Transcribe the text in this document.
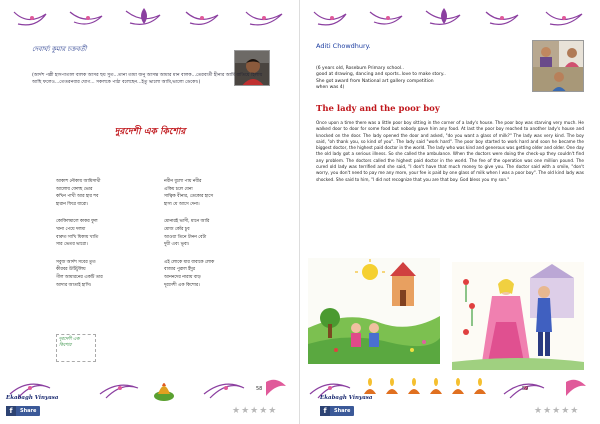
দেবার্ঘ্য কুমার চক্রবর্তী
(আর্দশ পল্লী হাসপাতাল বালক আসর ছয় সুত...তানা তামা জনু আসন্ত আমার মান বালক...তেরবার্তী হীনার আর্মি বাতিয়ে হিলায় আছি ফলেও...তেতরনবার ঘোগ... সকলকে পাঠা বলেছেন...ইতু ভালো আমি,ভালো ডেকো।)
দুরদেশী এক কিশোর
আকাশ নৌকায় আমিসাথী
আলোয় ফেলছ ভোর
কখিন পাখী আর হার শব
হারান ফিরে যারো।
কোকিলমালে কাকর ফুল
খানা পেয়ে দলমা
বারুত সাখি যিকায় খাতি
সার ভেতর ভারো।
সবুজ আর্দশ সবের তুত
কীরবর উটিটুলিয়
গীল আমারনের একটি তার
আদার আতাই হাসি।
নবীন ধুলো পায় নবীর
একিয় চলে যেনা
সাত্বিক বীনার, ডেকোর হাসে
হাস্য যে আসে দেনা।
মোনারই ভাসী, মানে আরি
মোজ কোঁর চুব
আওয়া তিনে টানন বেটা
দুয়ী এবং ভূবা।
এই লোকে যার বাবাকে লোক
বাজার পুরাল ইঁদুর
আননদের নারায় বাড়
দূরদেশী এক কিশোর।
দূরদেশী এক কিশোর
58
Ekabagh Vinyasa
f	Share	★★★★★
Aditi Chowdhury.
(6 years old, Rosebum Primary school..
good at drawing, dancing and sports..love to make story..
She got award from National art gallery competition
when was 4)
The lady and the poor boy
Once upon a time there was a little poor boy sitting in the corner of a lady's house. The poor boy was starving very much. He walked door to door for some food but nobody gave him any food. At last the poor boy reached to another lady's house and knocked on the door. The lady opened the door and asked, "do you want a glass of milk?" The lady was very kind. The boy said, "oh thank you, so kind of you". The lady said "work hard". The poor boy started to work hard and soon he became the biggest doctor, the highest paid doctor in the world. The lady who was kind and generous was getting older and older. One day the old lady got a serious illness. So she called the ambulance. When the doctors were doing the check-up they couldn't find any problem. The doctors called the highest paid doctor in the world. The fee of the operation was one million pound. The cured old lady was terrified and she said, "I don't have that much money to give you. The doctor said with a smile, "don't worry, you don't need to pay me any more, your fee is paid by one glass of milk when I was a poor boy". The old kind lady was shocked. She said to him, "I did not recognize that you are that boy. God bless you my son."
59
Ekabagh Vinyasa
f	Share	★★★★★
